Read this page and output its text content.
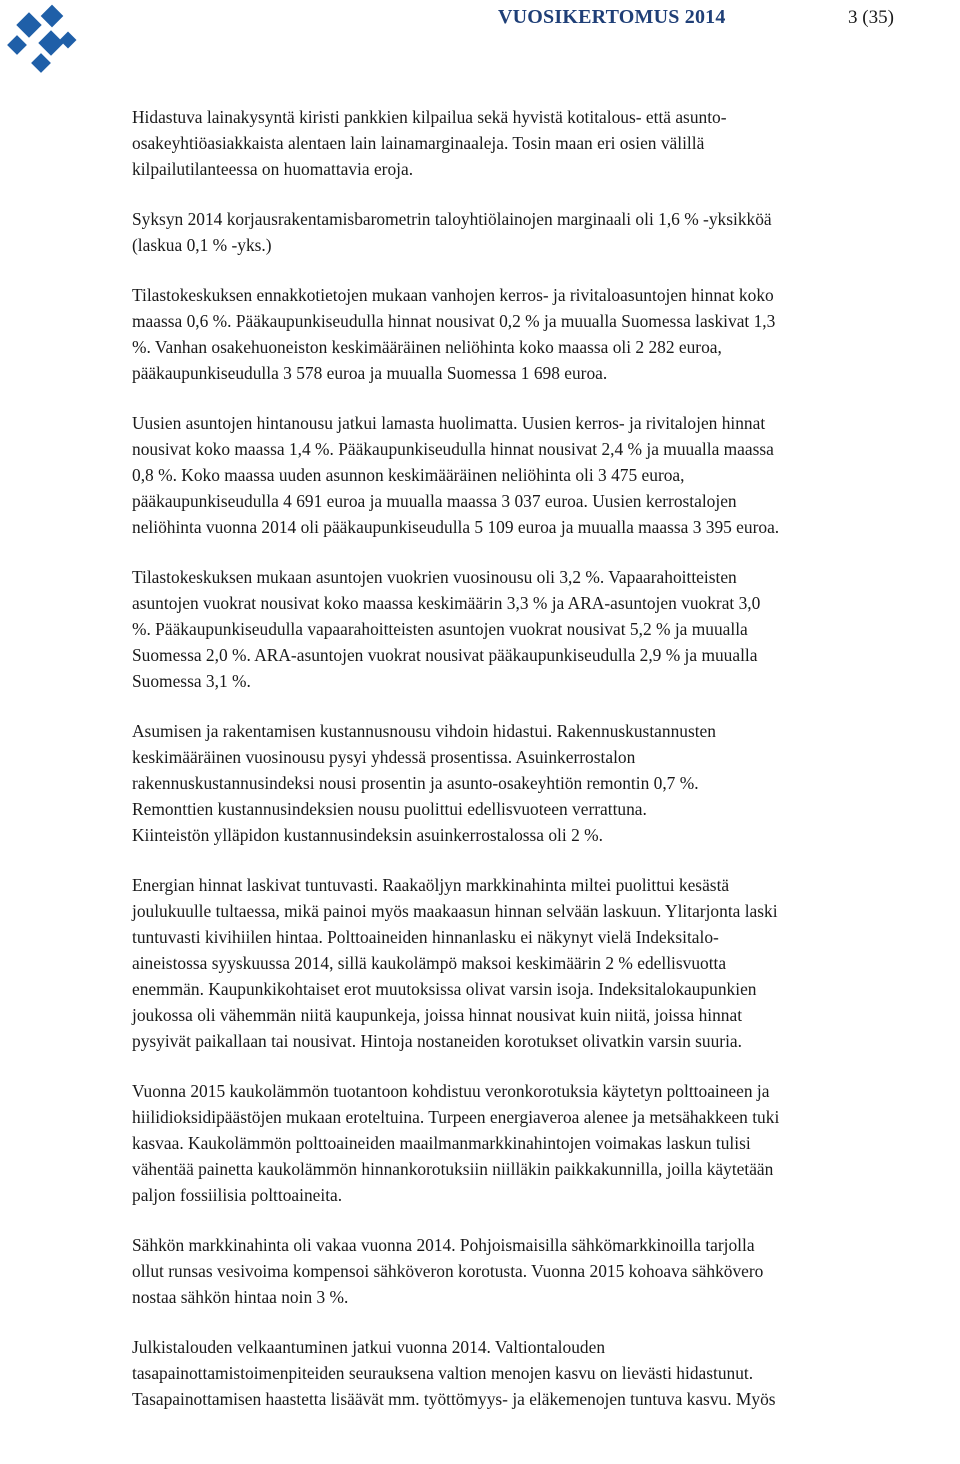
VUOSIKERTOMUS 2014	3 (35)

Hidastuva lainakysyntä kiristi pankkien kilpailua sekä hyvistä kotitalous- että asunto-
osakeyhtiöasiakkaista alentaen lain lainamarginaaleja. Tosin maan eri osien välillä
kilpailutilanteessa on huomattavia eroja.

Syksyn 2014 korjausrakentamisbarometrin taloyhtiölainojen marginaali oli 1,6 % -yksikköä
(laskua 0,1 % -yks.)

Tilastokeskuksen ennakkotietojen mukaan vanhojen kerros- ja rivitaloasuntojen hinnat koko
maassa 0,6 %. Pääkaupunkiseudulla hinnat nousivat 0,2 % ja muualla Suomessa laskivat 1,3
%. Vanhan osakehuoneiston keskimääräinen neliöhinta koko maassa oli 2 282 euroa,
pääkaupunkiseudulla 3 578 euroa ja muualla Suomessa 1 698 euroa.

Uusien asuntojen hintanousu jatkui lamasta huolimatta. Uusien kerros- ja rivitalojen hinnat
nousivat koko maassa 1,4 %. Pääkaupunkiseudulla hinnat nousivat 2,4 % ja muualla maassa
0,8 %. Koko maassa uuden asunnon keskimääräinen neliöhinta oli 3 475 euroa,
pääkaupunkiseudulla 4 691 euroa ja muualla maassa 3 037 euroa. Uusien kerrostalojen
neliöhinta vuonna 2014 oli pääkaupunkiseudulla 5 109 euroa ja muualla maassa 3 395 euroa.

Tilastokeskuksen mukaan asuntojen vuokrien vuosinousu oli 3,2 %. Vapaarahoitteisten
asuntojen vuokrat nousivat koko maassa keskimäärin 3,3 % ja ARA-asuntojen vuokrat 3,0
%. Pääkaupunkiseudulla vapaarahoitteisten asuntojen vuokrat nousivat 5,2 % ja muualla
Suomessa 2,0 %. ARA-asuntojen vuokrat nousivat pääkaupunkiseudulla 2,9 % ja muualla
Suomessa 3,1 %.

Asumisen ja rakentamisen kustannusnousu vihdoin hidastui. Rakennuskustannusten
keskimääräinen vuosinousu pysyi yhdessä prosentissa. Asuinkerrostalon
rakennuskustannusindeksi nousi prosentin ja asunto-osakeyhtiön remontin 0,7 %.
Remonttien kustannusindeksien nousu puolittui edellisvuoteen verrattuna.
Kiinteistön ylläpidon kustannusindeksin asuinkerrostalossa oli 2 %.

Energian hinnat laskivat tuntuvasti. Raakaöljyn markkinahinta miltei puolittui kesästä
joulukuulle tultaessa, mikä painoi myös maakaasun hinnan selvään laskuun. Ylitarjonta laski
tuntuvasti kivihiilen hintaa. Polttoaineiden hinnanlasku ei näkynyt vielä Indeksitalo-
aineistossa syyskuussa 2014, sillä kaukolämpö maksoi keskimäärin 2 % edellisvuotta
enemmän. Kaupunkikohtaiset erot muutoksissa olivat varsin isoja. Indeksitalokaupunkien
joukossa oli vähemmän niitä kaupunkeja, joissa hinnat nousivat kuin niitä, joissa hinnat
pysyivät paikallaan tai nousivat. Hintoja nostaneiden korotukset olivatkin varsin suuria.

Vuonna 2015 kaukolämmön tuotantoon kohdistuu veronkorotuksia käytetyn polttoaineen ja
hiilidioksidipäästöjen mukaan eroteltuina. Turpeen energiaveroa alenee ja metsähakkeen tuki
kasvaa. Kaukolämmön polttoaineiden maailmanmarkkinahintojen voimakas laskun tulisi
vähentää painetta kaukolämmön hinnankorotuksiin niilläkin paikkakunnilla, joilla käytetään
paljon fossiilisia polttoaineita.

Sähkön markkinahinta oli vakaa vuonna 2014. Pohjoismaisilla sähkömarkkinoilla tarjolla
ollut runsas vesivoima kompensoi sähköveron korotusta. Vuonna 2015 kohoava sähkövero
nostaa sähkön hintaa noin 3 %.

Julkistalouden velkaantuminen jatkui vuonna 2014. Valtiontalouden
tasapainottamistoimenpiteiden seurauksena valtion menojen kasvu on lievästi hidastunut.
Tasapainottamisen haastetta lisäävät mm. työttömyys- ja eläkemenojen tuntuva kasvu. Myös
